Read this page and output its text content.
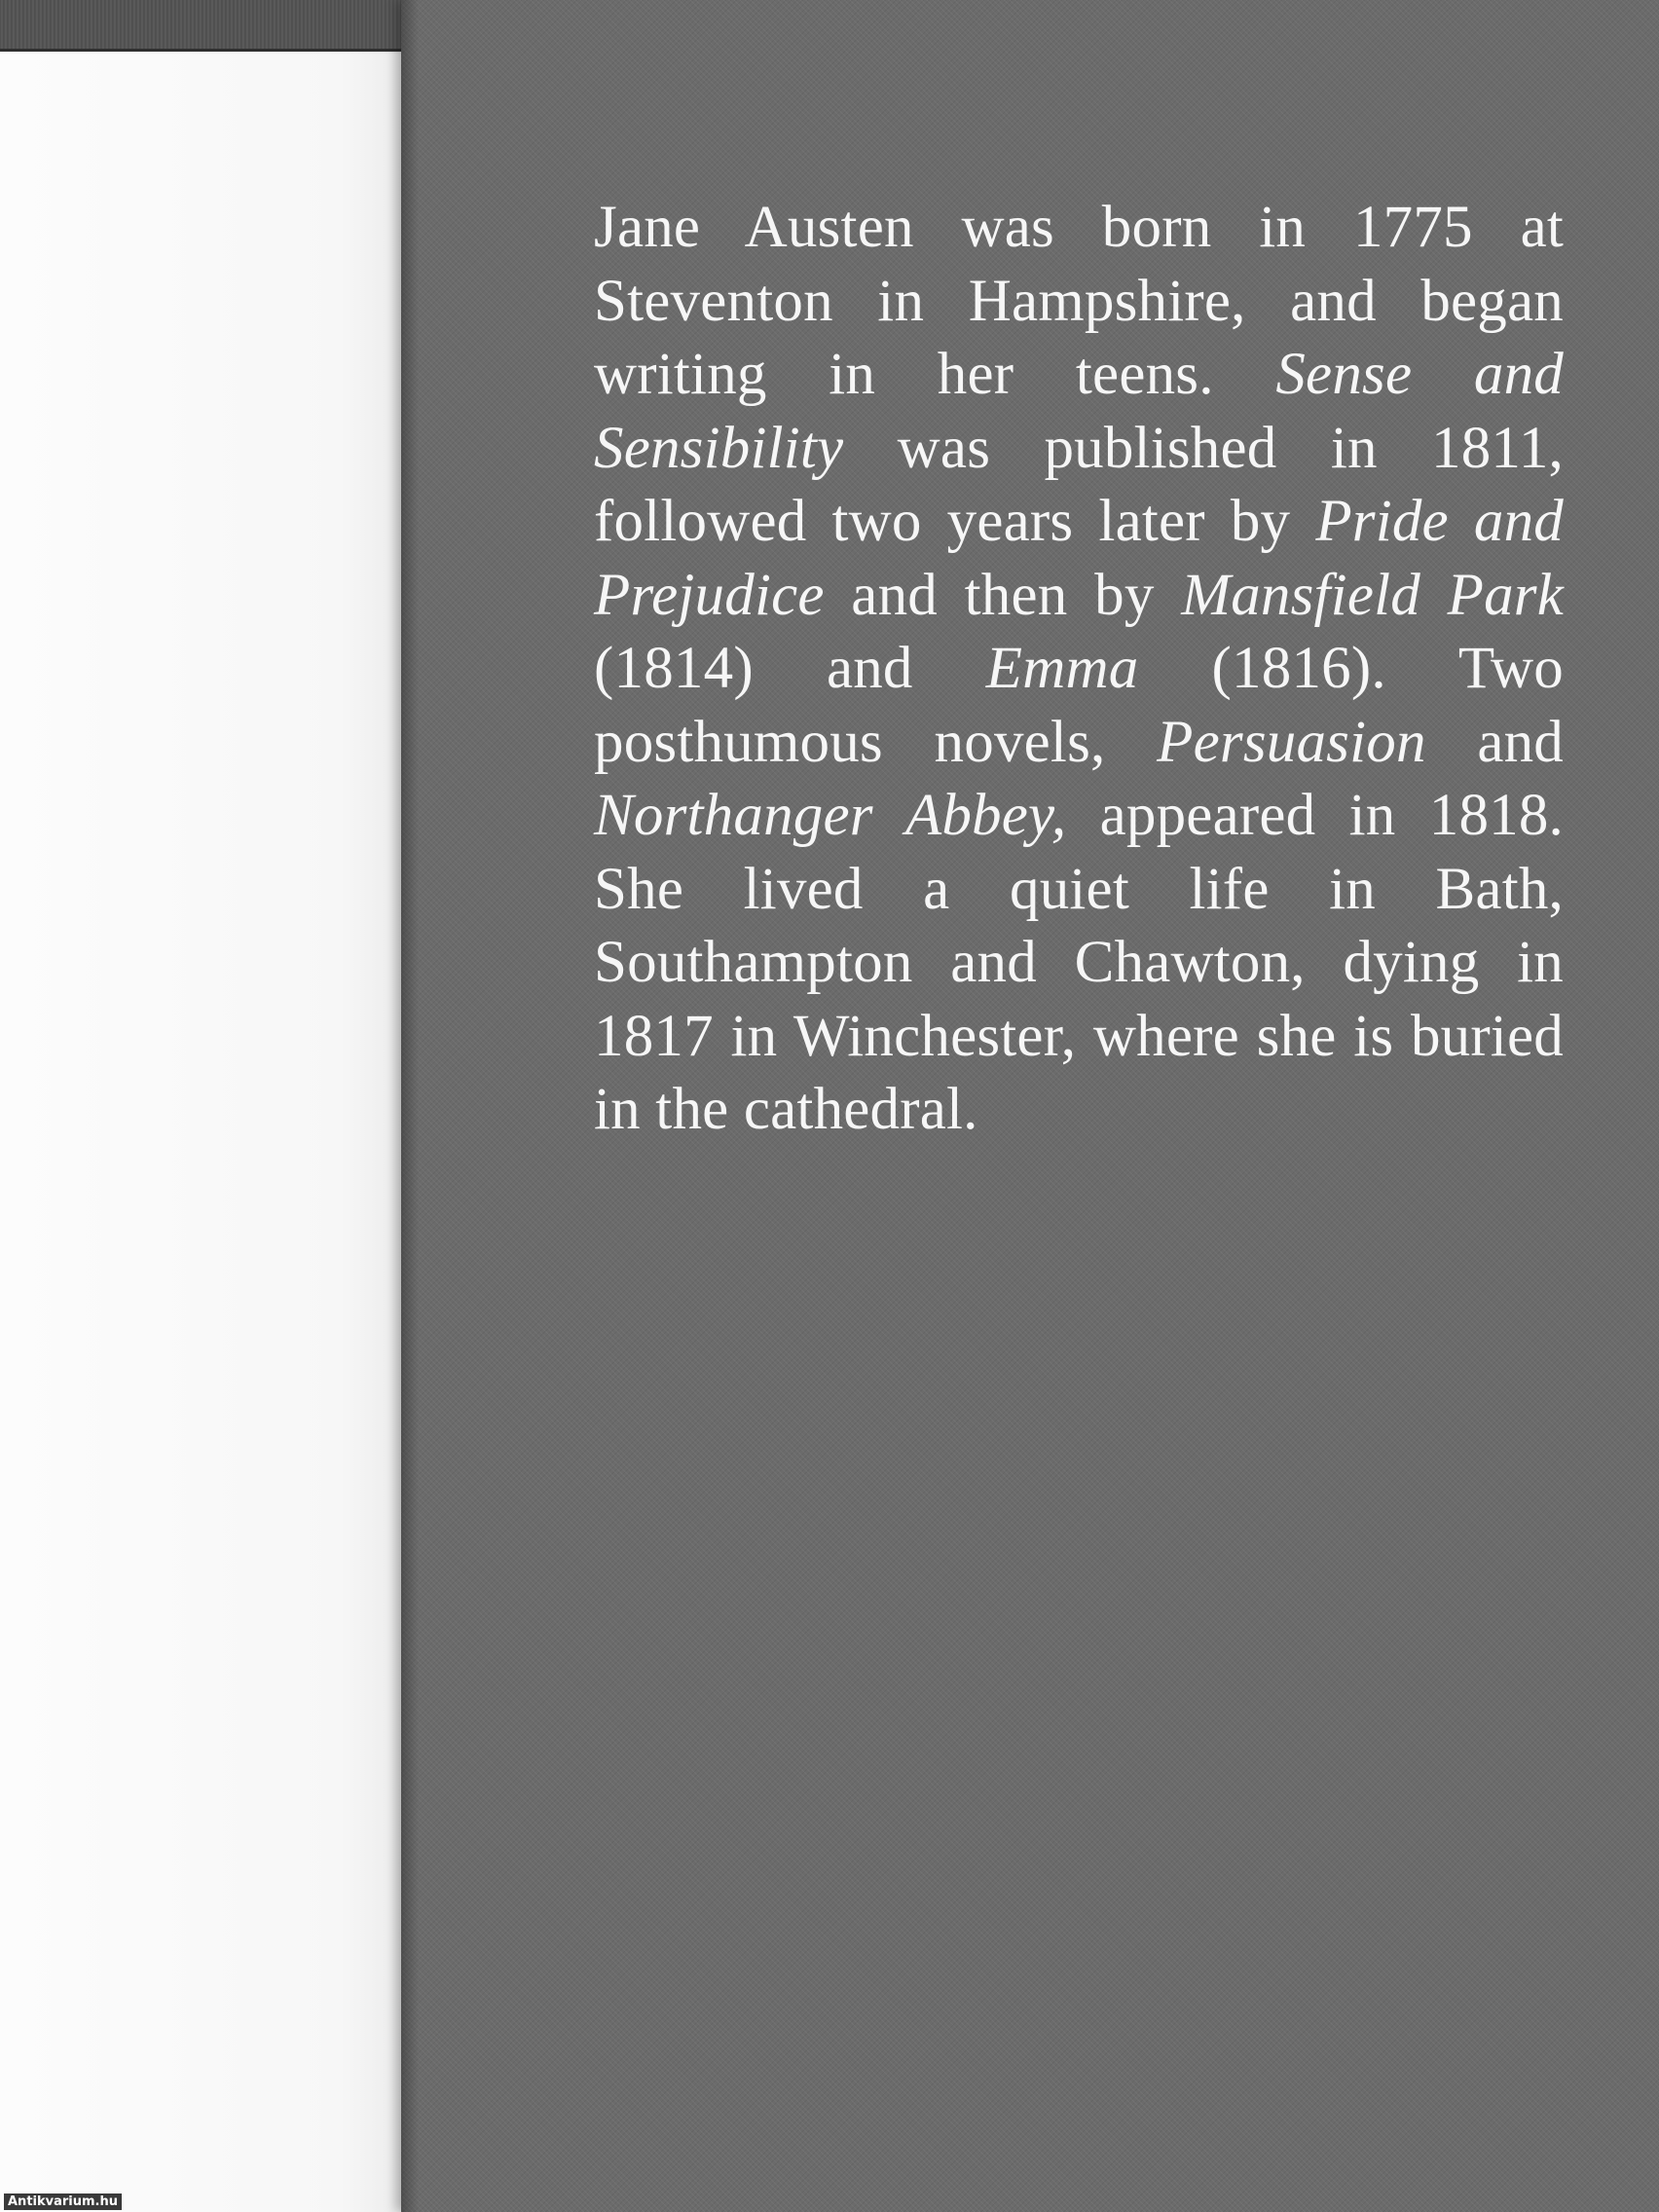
Jane Austen was born in 1775 at Steventon in Hampshire, and began writing in her teens. Sense and Sensibility was published in 1811, followed two years later by Pride and Prejudice and then by Mansfield Park (1814) and Emma (1816). Two posthumous novels, Persuasion and Northanger Abbey, appeared in 1818. She lived a quiet life in Bath, Southampton and Chawton, dying in 1817 in Winchester, where she is buried in the cathedral.

Antikvarium.hu
